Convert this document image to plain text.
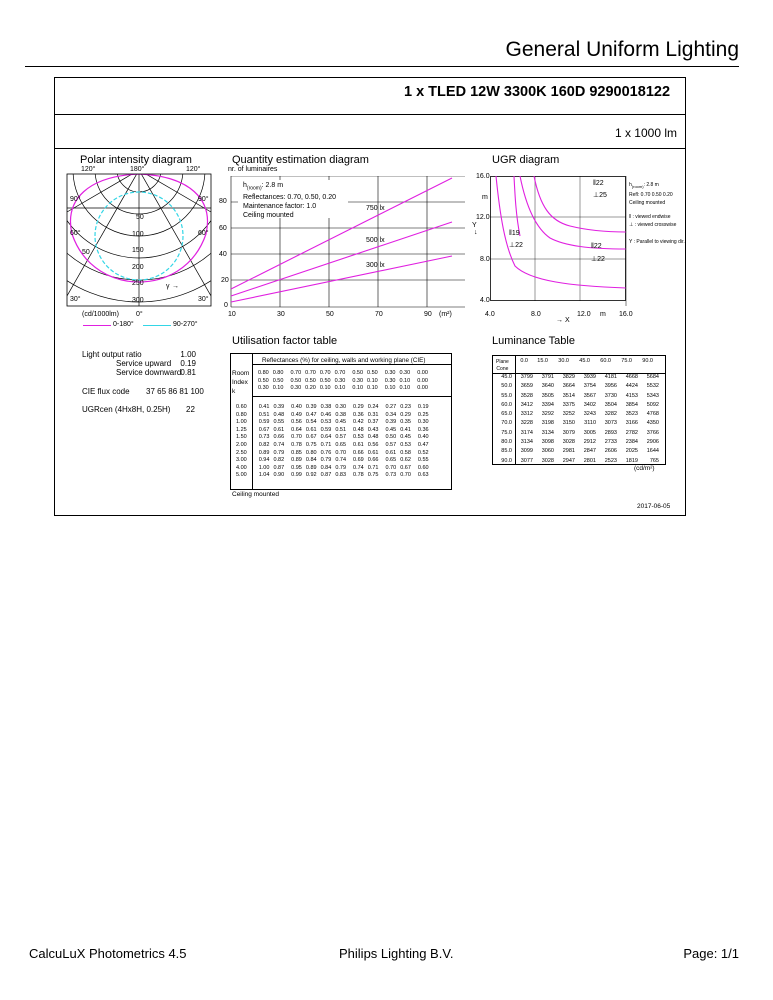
General Uniform Lighting
1 x TLED 12W 3300K 160D 9290018122
1 x 1000 lm
Polar intensity diagram
50
120°	180°	120°
90°	90°
60°	60°
30°	30°
50
100
150
200
250
300
γ →
(cd/1000lm) 0°
0-180°	90-270°
Quantity estimation diagram
nr. of luminaires
$h_{(room)}$: 2.8 m
Reflectances: 0.70, 0.50, 0.20
Maintenance factor: 1.0
Ceiling mounted
750 lx
500 lx
300 lx
80
60
40
20
0
10	30	50	70	90 (m²)
UGR diagram
16.0
12.0
8.0
4.0
m
Y
↓
4.0	8.0	12.0	16.0
m
→ X
‖22
⊥25
‖19
⊥22	‖22
⊥22
$h_{(room)}$: 2.8 m
Refl: 0.70 0.50 0.20
Ceiling mounted
‖ : viewed endwise
⊥ : viewed crosswise
Y : Parallel to viewing dir.
Light output ratio	1.00
Service upward 0.19
Service downward 0.81
CIE flux code 37 65 86 81 100
UGRcen (4Hx8H, 0.25H) 22
Utilisation factor table
Reflectances (%) for ceiling, walls and working plane (CIE)
Room
Index
k
0.80	0.80	0.70	0.70	0.70	0.70	0.50	0.50	0.30	0.30	0.00
0.50	0.50	0.50	0.50	0.50	0.30	0.30	0.10	0.30	0.10	0.00
0.30	0.10	0.30	0.20	0.10	0.10	0.10	0.10	0.10	0.10	0.00
0.60	0.41	0.39	0.40	0.39	0.38	0.30	0.29	0.24	0.27	0.23	0.19
0.80	0.51	0.48	0.49	0.47	0.46	0.38	0.36	0.31	0.34	0.29	0.25
1.00	0.59	0.55	0.56	0.54	0.53	0.45	0.42	0.37	0.39	0.35	0.30
1.25	0.67	0.61	0.64	0.61	0.59	0.51	0.48	0.43	0.45	0.41	0.36
1.50	0.73	0.66	0.70	0.67	0.64	0.57	0.53	0.48	0.50	0.45	0.40
2.00	0.82	0.74	0.78	0.75	0.71	0.65	0.61	0.56	0.57	0.53	0.47
2.50	0.89	0.79	0.85	0.80	0.76	0.70	0.66	0.61	0.61	0.58	0.52
3.00	0.94	0.82	0.89	0.84	0.79	0.74	0.69	0.66	0.65	0.62	0.55
4.00	1.00	0.87	0.95	0.89	0.84	0.79	0.74	0.71	0.70	0.67	0.60
5.00	1.04	0.90	0.99	0.92	0.87	0.83	0.78	0.75	0.73	0.70	0.63
Ceiling mounted
Luminance Table
Plane
Cone
0.0	15.0	30.0	45.0	60.0	75.0	90.0
45.0	3799	3791	3829	3939	4181	4668	5684
50.0	3659	3640	3664	3754	3956	4424	5532
55.0	3528	3505	3514	3567	3730	4153	5343
60.0	3412	3394	3375	3402	3504	3854	5092
65.0	3312	3292	3252	3243	3282	3523	4768
70.0	3228	3198	3150	3110	3073	3166	4350
75.0	3174	3134	3079	3005	2893	2782	3766
80.0	3134	3098	3028	2912	2733	2384	2906
85.0	3099	3060	2981	2847	2606	2025	1644
90.0	3077	3028	2947	2801	2523	1819	765
(cd/m²)
2017-06-05
CalcuLuX Photometrics 4.5	Philips Lighting B.V.	Page: 1/1
